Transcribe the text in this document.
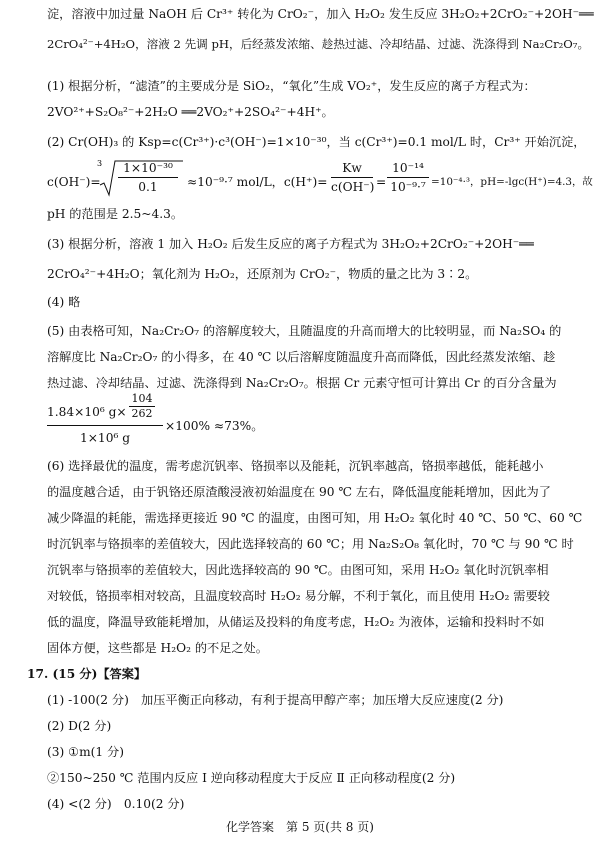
淀，溶液中加过量 NaOH 后 Cr³⁺ 转化为 CrO₂⁻，加入 H₂O₂ 发生反应 3H₂O₂+2CrO₂⁻+2OH⁻══
2CrO₄²⁻+4H₂O，溶液 2 先调 pH，后经蒸发浓缩、趁热过滤、冷却结晶、过滤、洗涤得到 Na₂Cr₂O₇。
(1) 根据分析，“滤渣”的主要成分是 SiO₂，“氧化”生成 VO₂⁺，发生反应的离子方程式为：
2VO²⁺+S₂O₈²⁻+2H₂O ══2VO₂⁺+2SO₄²⁻+4H⁺。
(2) Cr(OH)₃ 的 Ksp=c(Cr³⁺)·c³(OH⁻)=1×10⁻³⁰，当 c(Cr³⁺)=0.1 mol/L 时，Cr³⁺ 开始沉淀，
c(OH⁻)=
3	1×10⁻³⁰
0.1	≈10⁻⁹·⁷ mol/L，c(H⁺)=
Kw
c(OH⁻) =
10⁻¹⁴
10⁻⁹·⁷ =10⁻⁴·³，pH=-lgc(H⁺)=4.3，故
pH 的范围是 2.5~4.3。
(3) 根据分析，溶液 1 加入 H₂O₂ 后发生反应的离子方程式为 3H₂O₂+2CrO₂⁻+2OH⁻══
2CrO₄²⁻+4H₂O；氧化剂为 H₂O₂，还原剂为 CrO₂⁻，物质的量之比为 3∶2。
(4) 略
(5) 由表格可知，Na₂Cr₂O₇ 的溶解度较大，且随温度的升高而增大的比较明显，而 Na₂SO₄ 的
溶解度比 Na₂Cr₂O₇ 的小得多，在 40 ℃ 以后溶解度随温度升高而降低，因此经蒸发浓缩、趁
热过滤、冷却结晶、过滤、洗涤得到 Na₂Cr₂O₇。根据 Cr 元素守恒可计算出 Cr 的百分含量为
1.84×10⁶ g×
104
262
1×10⁶ g
×100% ≈73%。
(6) 选择最优的温度，需考虑沉钒率、铬损率以及能耗，沉钒率越高，铬损率越低，能耗越小
的温度越合适，由于钒铬还原渣酸浸液初始温度在 90 ℃ 左右，降低温度能耗增加，因此为了
减少降温的耗能，需选择更接近 90 ℃ 的温度，由图可知，用 H₂O₂ 氧化时 40 ℃、50 ℃、60 ℃
时沉钒率与铬损率的差值较大，因此选择较高的 60 ℃；用 Na₂S₂O₈ 氧化时，70 ℃ 与 90 ℃ 时
沉钒率与铬损率的差值较大，因此选择较高的 90 ℃。由图可知，采用 H₂O₂ 氧化时沉钒率相
对较低，铬损率相对较高，且温度较高时 H₂O₂ 易分解，不利于氧化，而且使用 H₂O₂ 需要较
低的温度，降温导致能耗增加，从储运及投料的角度考虑，H₂O₂ 为液体，运输和投料时不如
固体方便，这些都是 H₂O₂ 的不足之处。
17. (15 分)【答案】
(1) -100(2 分)　加压平衡正向移动，有利于提高甲醇产率；加压增大反应速度(2 分)
(2) D(2 分)
(3) ①m(1 分)
②150~250 ℃ 范围内反应 Ⅰ 逆向移动程度大于反应 Ⅱ 正向移动程度(2 分)
(4) <(2 分)　0.10(2 分)
化学答案　第 5 页(共 8 页)
